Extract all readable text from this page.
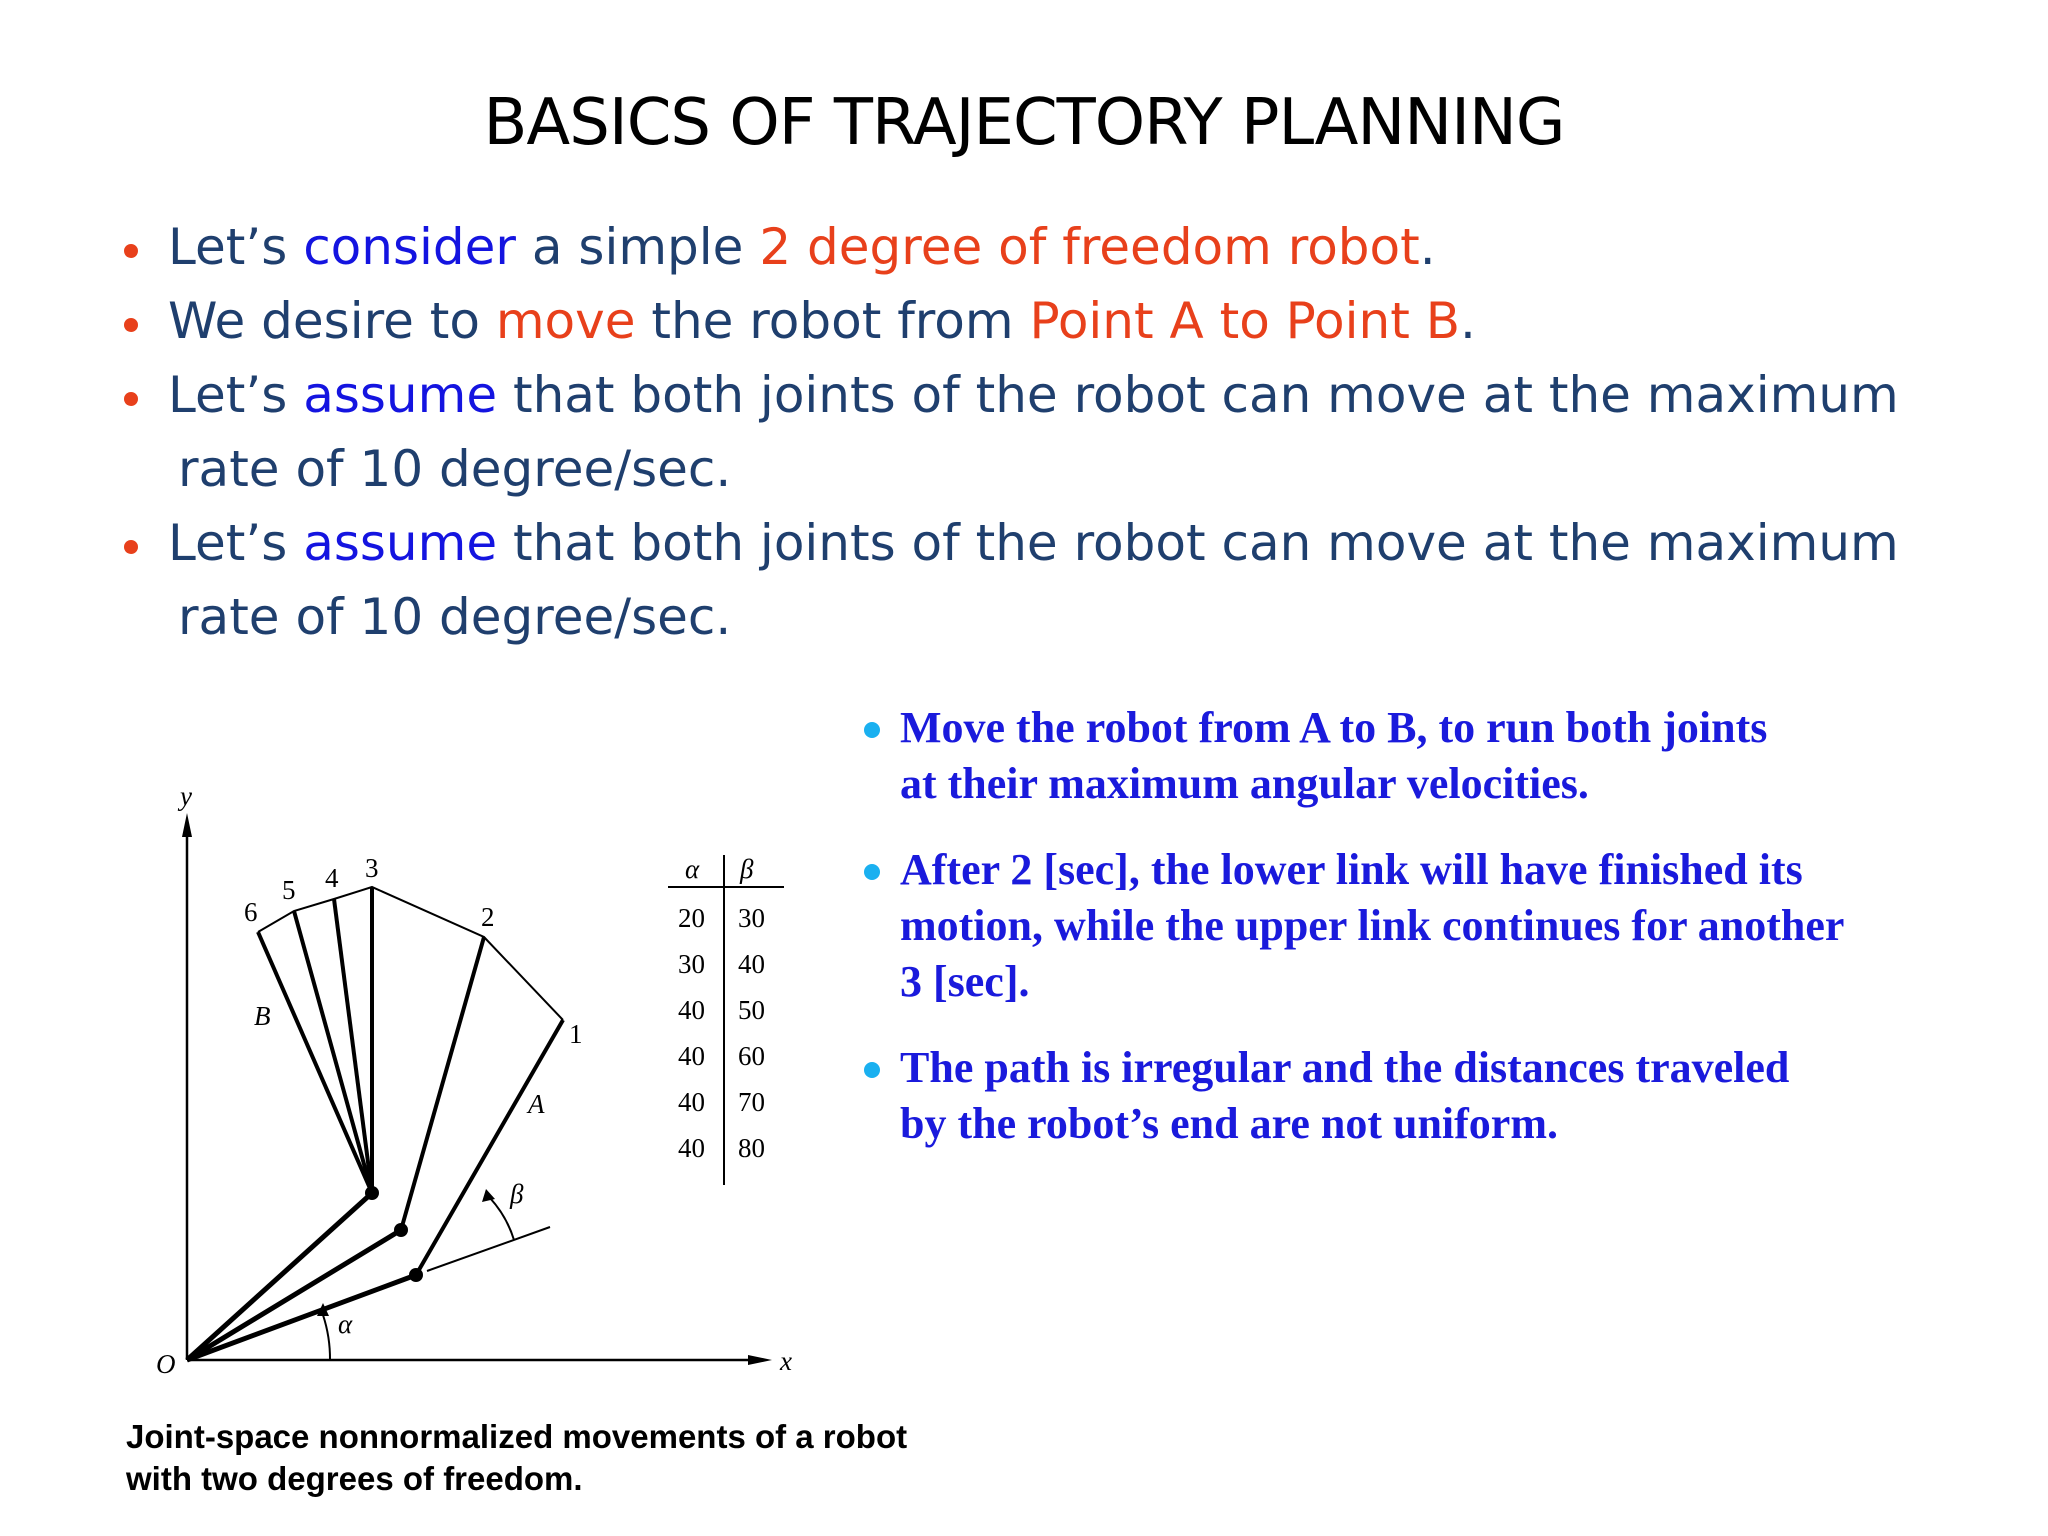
BASICS OF TRAJECTORY PLANNING
Let’s consider a simple 2 degree of freedom robot.
We desire to move the robot from Point A to Point B.
Let’s assume that both joints of the robot can move at the maximum
rate of 10 degree/sec.
Let’s assume that both joints of the robot can move at the maximum
rate of 10 degree/sec.
Move the robot from A to B, to run both joints
at their maximum angular velocities.
After 2 [sec], the lower link will have finished its
motion, while the upper link continues for another
3 [sec].
The path is irregular and the distances traveled
by the robot’s end are not uniform.
y
x
O
1
2
3
4
5
6
A
B
α
β
α β
20 30
30 40
40 50
40 60
40 70
40 80
Joint-space nonnormalized movements of a robot
with two degrees of freedom.
